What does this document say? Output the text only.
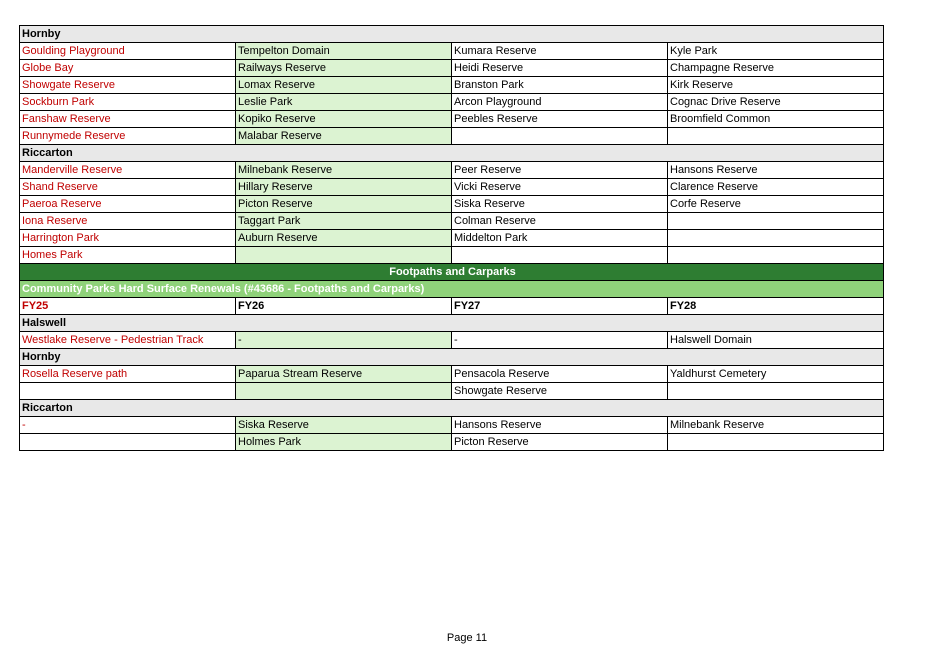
Hornby			
Goulding Playground	Tempelton Domain	Kumara Reserve	Kyle Park
Globe Bay	Railways Reserve	Heidi Reserve	Champagne Reserve
Showgate Reserve	Lomax Reserve	Branston Park	Kirk Reserve
Sockburn Park	Leslie Park	Arcon Playground	Cognac Drive Reserve
Fanshaw Reserve	Kopiko Reserve	Peebles Reserve	Broomfield Common
Runnymede Reserve	Malabar Reserve		
Riccarton			
Manderville Reserve	Milnebank Reserve	Peer Reserve	Hansons Reserve
Shand Reserve	Hillary Reserve	Vicki Reserve	Clarence Reserve
Paeroa Reserve	Picton Reserve	Siska Reserve	Corfe Reserve
Iona Reserve	Taggart Park	Colman Reserve	
Harrington Park	Auburn Reserve	Middelton Park	
Homes Park			
Footpaths and Carparks			
Community Parks Hard Surface Renewals (#43686 - Footpaths and Carparks)			
FY25	FY26	FY27	FY28
Halswell			
Westlake Reserve - Pedestrian Track	-	-	Halswell Domain
Hornby			
Rosella Reserve path	Paparua Stream Reserve	Pensacola Reserve	Yaldhurst Cemetery
		Showgate Reserve	
Riccarton			
-	Siska Reserve	Hansons Reserve	Milnebank Reserve
	Holmes Park	Picton Reserve	
Page 11
